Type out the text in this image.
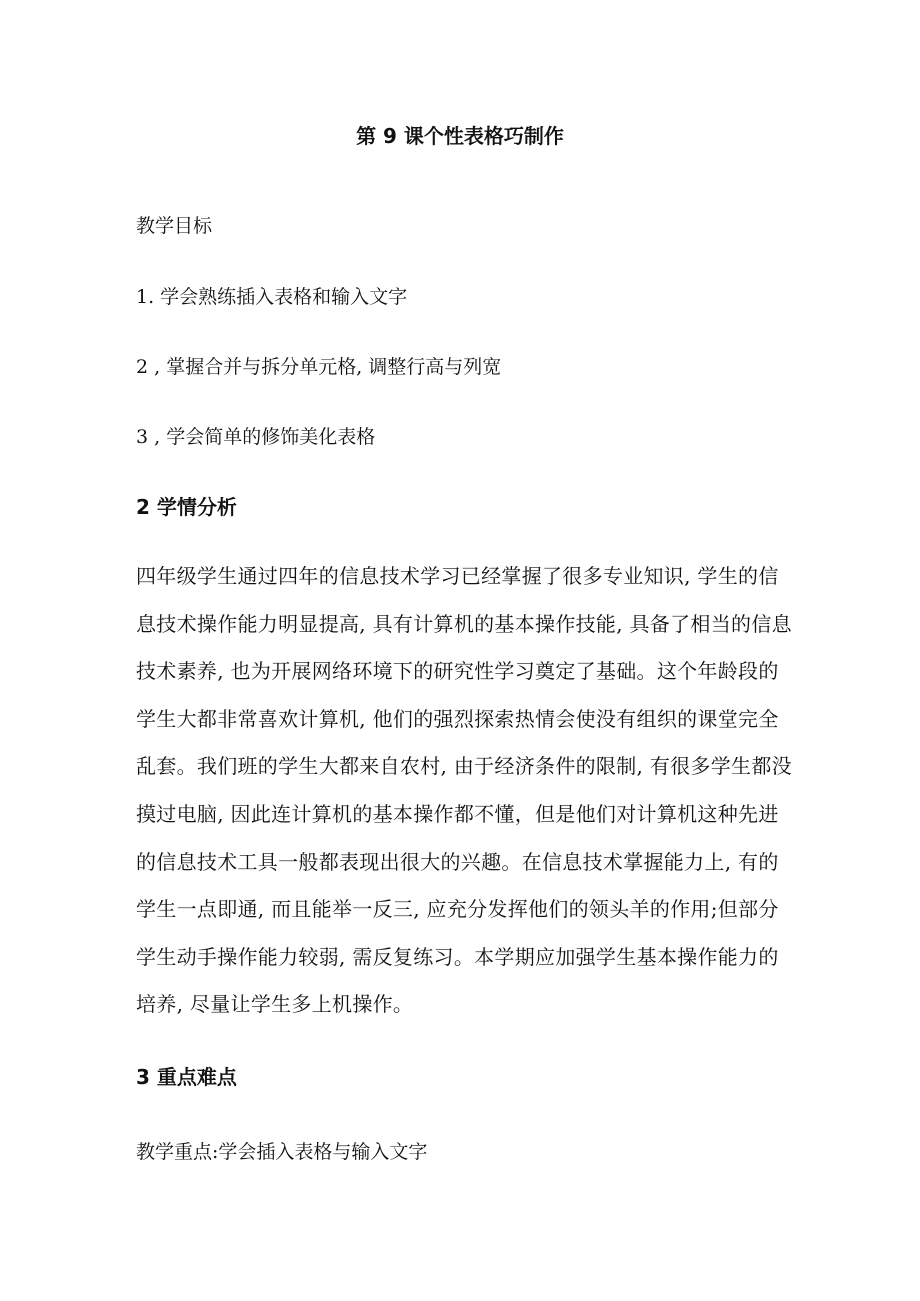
第 9 课个性表格巧制作
教学目标
1. 学会熟练插入表格和输入文字
2 , 掌握合并与拆分单元格, 调整行高与列宽
3 , 学会简单的修饰美化表格
2 学情分析
四年级学生通过四年的信息技术学习已经掌握了很多专业知识, 学生的信
息技术操作能力明显提高, 具有计算机的基本操作技能, 具备了相当的信息
技术素养, 也为开展网络环境下的研究性学习奠定了基础。这个年龄段的
学生大都非常喜欢计算机, 他们的强烈探索热情会使没有组织的课堂完全
乱套。我们班的学生大都来自农村, 由于经济条件的限制, 有很多学生都没
摸过电脑, 因此连计算机的基本操作都不懂，但是他们对计算机这种先进
的信息技术工具一般都表现出很大的兴趣。在信息技术掌握能力上, 有的
学生一点即通, 而且能举一反三, 应充分发挥他们的领头羊的作用;但部分
学生动手操作能力较弱, 需反复练习。本学期应加强学生基本操作能力的
培养, 尽量让学生多上机操作。
3 重点难点
教学重点:学会插入表格与输入文字
